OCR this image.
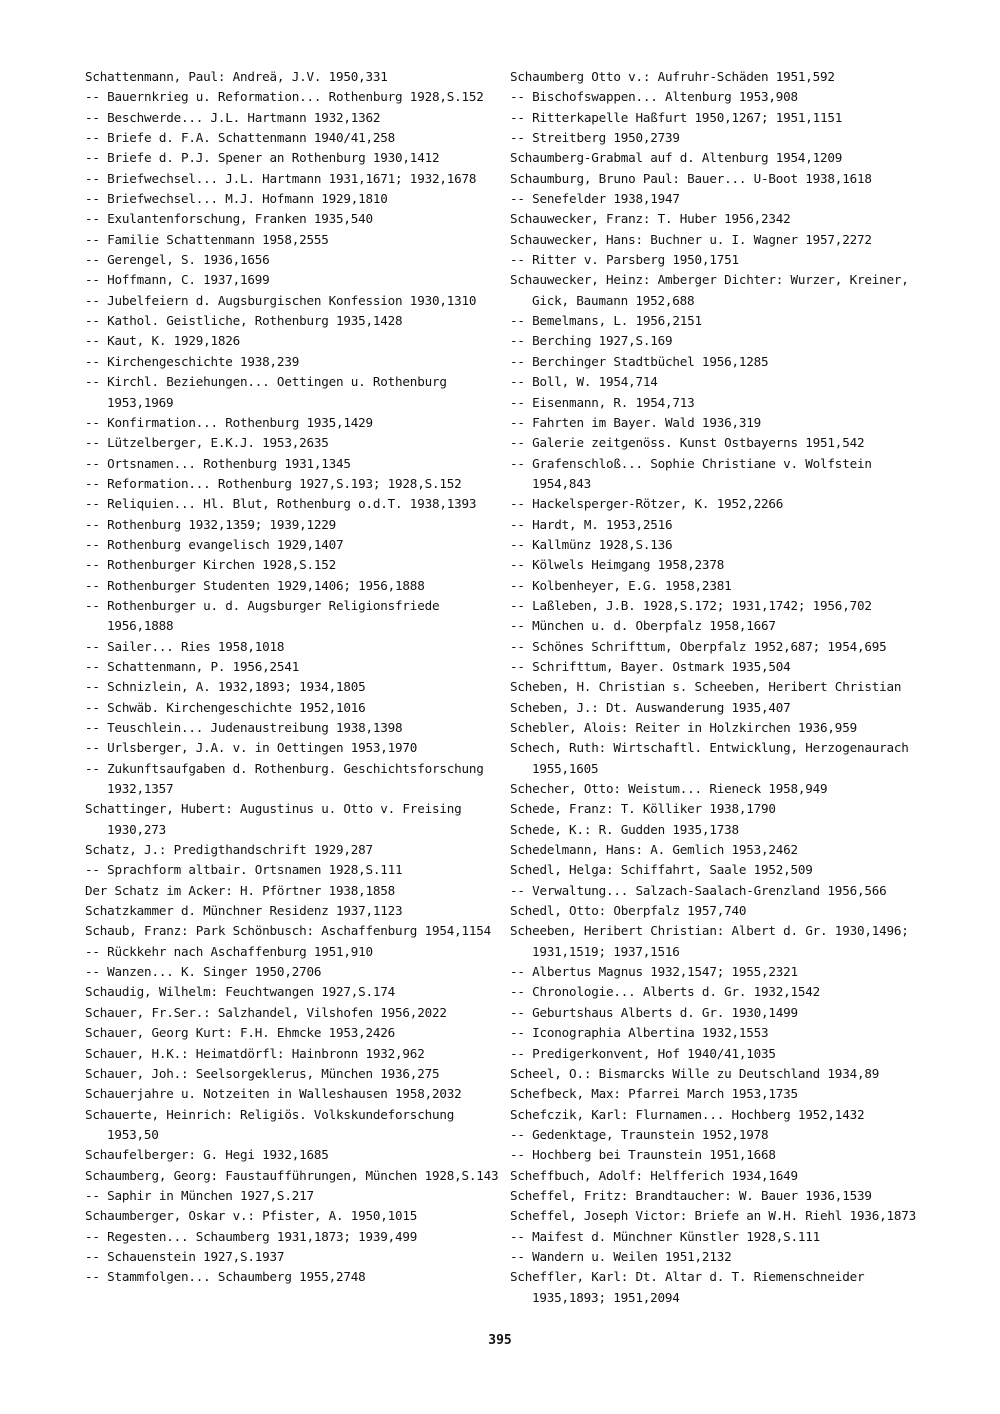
Schattenmann, Paul: Andreä, J.V. 1950,331
-- Bauernkrieg u. Reformation... Rothenburg 1928,S.152
-- Beschwerde... J.L. Hartmann 1932,1362
-- Briefe d. F.A. Schattenmann 1940/41,258
-- Briefe d. P.J. Spener an Rothenburg 1930,1412
-- Briefwechsel... J.L. Hartmann 1931,1671; 1932,1678
-- Briefwechsel... M.J. Hofmann 1929,1810
-- Exulantenforschung, Franken 1935,540
-- Familie Schattenmann 1958,2555
-- Gerengel, S. 1936,1656
-- Hoffmann, C. 1937,1699
-- Jubelfeiern d. Augsburgischen Konfession 1930,1310
-- Kathol. Geistliche, Rothenburg 1935,1428
-- Kaut, K. 1929,1826
-- Kirchengeschichte 1938,239
-- Kirchl. Beziehungen... Oettingen u. Rothenburg 1953,1969
-- Konfirmation... Rothenburg 1935,1429
-- Lützelberger, E.K.J. 1953,2635
-- Ortsnamen... Rothenburg 1931,1345
-- Reformation... Rothenburg 1927,S.193; 1928,S.152
-- Reliquien... Hl. Blut, Rothenburg o.d.T. 1938,1393
-- Rothenburg 1932,1359; 1939,1229
-- Rothenburg evangelisch 1929,1407
-- Rothenburger Kirchen 1928,S.152
-- Rothenburger Studenten 1929,1406; 1956,1888
-- Rothenburger u. d. Augsburger Religionsfriede 1956,1888
-- Sailer... Ries 1958,1018
-- Schattenmann, P. 1956,2541
-- Schnizlein, A. 1932,1893; 1934,1805
-- Schwäb. Kirchengeschichte 1952,1016
-- Teuschlein... Judenaustreibung 1938,1398
-- Urlsberger, J.A. v. in Oettingen 1953,1970
-- Zukunftsaufgaben d. Rothenburg. Geschichtsforschung 1932,1357
Schattinger, Hubert: Augustinus u. Otto v. Freising 1930,273
Schatz, J.: Predigthandschrift 1929,287
-- Sprachform altbair. Ortsnamen 1928,S.111
Der Schatz im Acker: H. Pförtner 1938,1858
Schatzkammer d. Münchner Residenz 1937,1123
Schaub, Franz: Park Schönbusch: Aschaffenburg 1954,1154
-- Rückkehr nach Aschaffenburg 1951,910
-- Wanzen... K. Singer 1950,2706
Schaudig, Wilhelm: Feuchtwangen 1927,S.174
Schauer, Fr.Ser.: Salzhandel, Vilshofen 1956,2022
Schauer, Georg Kurt: F.H. Ehmcke 1953,2426
Schauer, H.K.: Heimatdörfl: Hainbronn 1932,962
Schauer, Joh.: Seelsorgeklerus, München 1936,275
Schauerjahre u. Notzeiten in Walleshausen 1958,2032
Schauerte, Heinrich: Religiös. Volkskundeforschung 1953,50
Schaufelberger: G. Hegi 1932,1685
Schaumberg, Georg: Faustaufführungen, München 1928,S.143
-- Saphir in München 1927,S.217
Schaumberger, Oskar v.: Pfister, A. 1950,1015
-- Regesten... Schaumberg 1931,1873; 1939,499
-- Schauenstein 1927,S.1937
-- Stammfolgen... Schaumberg 1955,2748
Schaumberg Otto v.: Aufruhr-Schäden 1951,592
-- Bischofswappen... Altenburg 1953,908
-- Ritterkapelle Haßfurt 1950,1267; 1951,1151
-- Streitberg 1950,2739
Schaumberg-Grabmal auf d. Altenburg 1954,1209
Schaumburg, Bruno Paul: Bauer... U-Boot 1938,1618
-- Senefelder 1938,1947
Schauwecker, Franz: T. Huber 1956,2342
Schauwecker, Hans: Buchner u. I. Wagner 1957,2272
-- Ritter v. Parsberg 1950,1751
Schauwecker, Heinz: Amberger Dichter: Wurzer, Kreiner, Gick, Baumann 1952,688
-- Bemelmans, L. 1956,2151
-- Berching 1927,S.169
-- Berchinger Stadtbüchel 1956,1285
-- Boll, W. 1954,714
-- Eisenmann, R. 1954,713
-- Fahrten im Bayer. Wald 1936,319
-- Galerie zeitgenöss. Kunst Ostbayerns 1951,542
-- Grafenschloß... Sophie Christiane v. Wolfstein 1954,843
-- Hackelsperger-Rötzer, K. 1952,2266
-- Hardt, M. 1953,2516
-- Kallmünz 1928,S.136
-- Kölwels Heimgang 1958,2378
-- Kolbenheyer, E.G. 1958,2381
-- Laßleben, J.B. 1928,S.172; 1931,1742; 1956,702
-- München u. d. Oberpfalz 1958,1667
-- Schönes Schrifttum, Oberpfalz 1952,687; 1954,695
-- Schrifttum, Bayer. Ostmark 1935,504
Scheben, H. Christian s. Scheeben, Heribert Christian
Scheben, J.: Dt. Auswanderung 1935,407
Schebler, Alois: Reiter in Holzkirchen 1936,959
Schech, Ruth: Wirtschaftl. Entwicklung, Herzogenaurach 1955,1605
Schecher, Otto: Weistum... Rieneck 1958,949
Schede, Franz: T. Kölliker 1938,1790
Schede, K.: R. Gudden 1935,1738
Schedelmann, Hans: A. Gemlich 1953,2462
Schedl, Helga: Schiffahrt, Saale 1952,509
-- Verwaltung... Salzach-Saalach-Grenzland 1956,566
Schedl, Otto: Oberpfalz 1957,740
Scheeben, Heribert Christian: Albert d. Gr. 1930,1496; 1931,1519; 1937,1516
-- Albertus Magnus 1932,1547; 1955,2321
-- Chronologie... Alberts d. Gr. 1932,1542
-- Geburtshaus Alberts d. Gr. 1930,1499
-- Iconographia Albertina 1932,1553
-- Predigerkonvent, Hof 1940/41,1035
Scheel, O.: Bismarcks Wille zu Deutschland 1934,89
Schefbeck, Max: Pfarrei March 1953,1735
Schefczik, Karl: Flurnamen... Hochberg 1952,1432
-- Gedenktage, Traunstein 1952,1978
-- Hochberg bei Traunstein 1951,1668
Scheffbuch, Adolf: Helfferich 1934,1649
Scheffel, Fritz: Brandtaucher: W. Bauer 1936,1539
Scheffel, Joseph Victor: Briefe an W.H. Riehl 1936,1873
-- Maifest d. Münchner Künstler 1928,S.111
-- Wandern u. Weilen 1951,2132
Scheffler, Karl: Dt. Altar d. T. Riemenschneider 1935,1893; 1951,2094
395
